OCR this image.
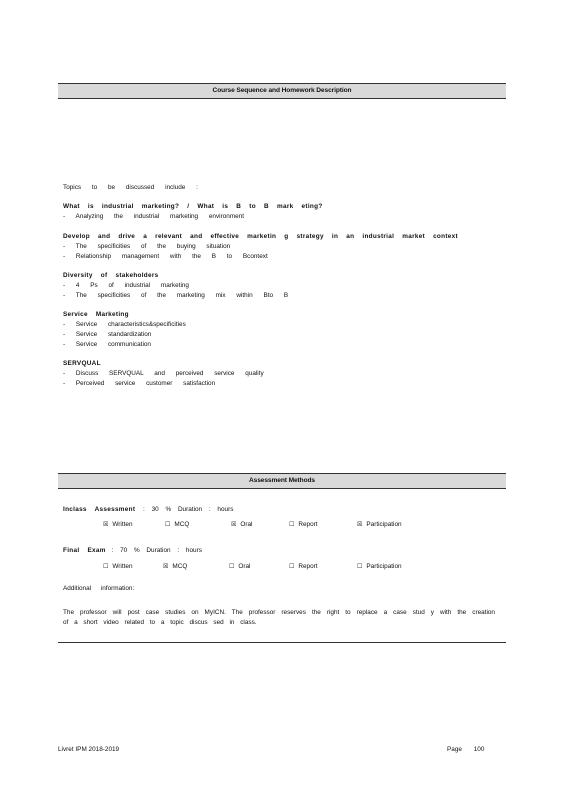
Course Sequence and Homework Description
Topics to be discussed include :
What is industrial marketing? / What is B to B mark eting?
- Analyzing the industrial marketing environment
Develop and drive a relevant and effective marketin g strategy in an industrial market context
- The specificities of the buying situation
- Relationship management with the B to Bcontext
Diversity of stakeholders
- 4 Ps of industrial marketing
- The specificities of the marketing mix within Bto B
Service Marketing
- Service characteristics&specificities
- Service standardization
- Service communication
SERVQUAL
- Discuss SERVQUAL and perceived service quality
- Perceived service customer satisfaction
Assessment Methods
Inclass Assessment : 30 % Duration : hours
☒ Written	☐ MCQ	☒ Oral	☐ Report	☒ Participation
Final Exam : 70 % Duration : hours
☐ Written	☒ MCQ	☐ Oral	☐ Report	☐ Participation
Additional information:
The professor will post case studies on MyICN. The professor reserves the right to replace a case stud y with the creation of a short video related to a topic discus sed in class.
Livret IPM 2018-2019	Page 100
